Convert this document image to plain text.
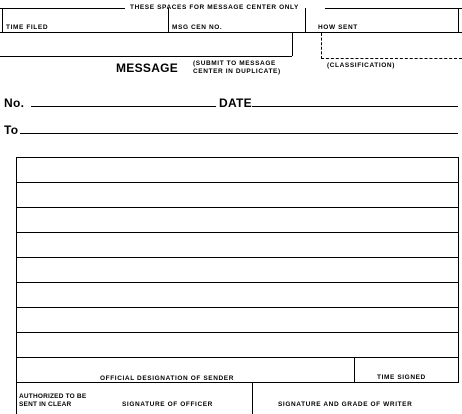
THESE SPACES FOR MESSAGE CENTER ONLY
TIME FILED	MSG CEN NO.	HOW SENT
MESSAGE (SUBMIT TO MESSAGE
CENTER IN DUPLICATE)
(CLASSIFICATION)
No.	DATE
To
OFFICIAL DESIGNATION OF SENDER	TIME SIGNED
AUTHORIZED TO BE
SENT IN CLEAR	SIGNATURE OF OFFICER	SIGNATURE AND GRADE OF WRITER
